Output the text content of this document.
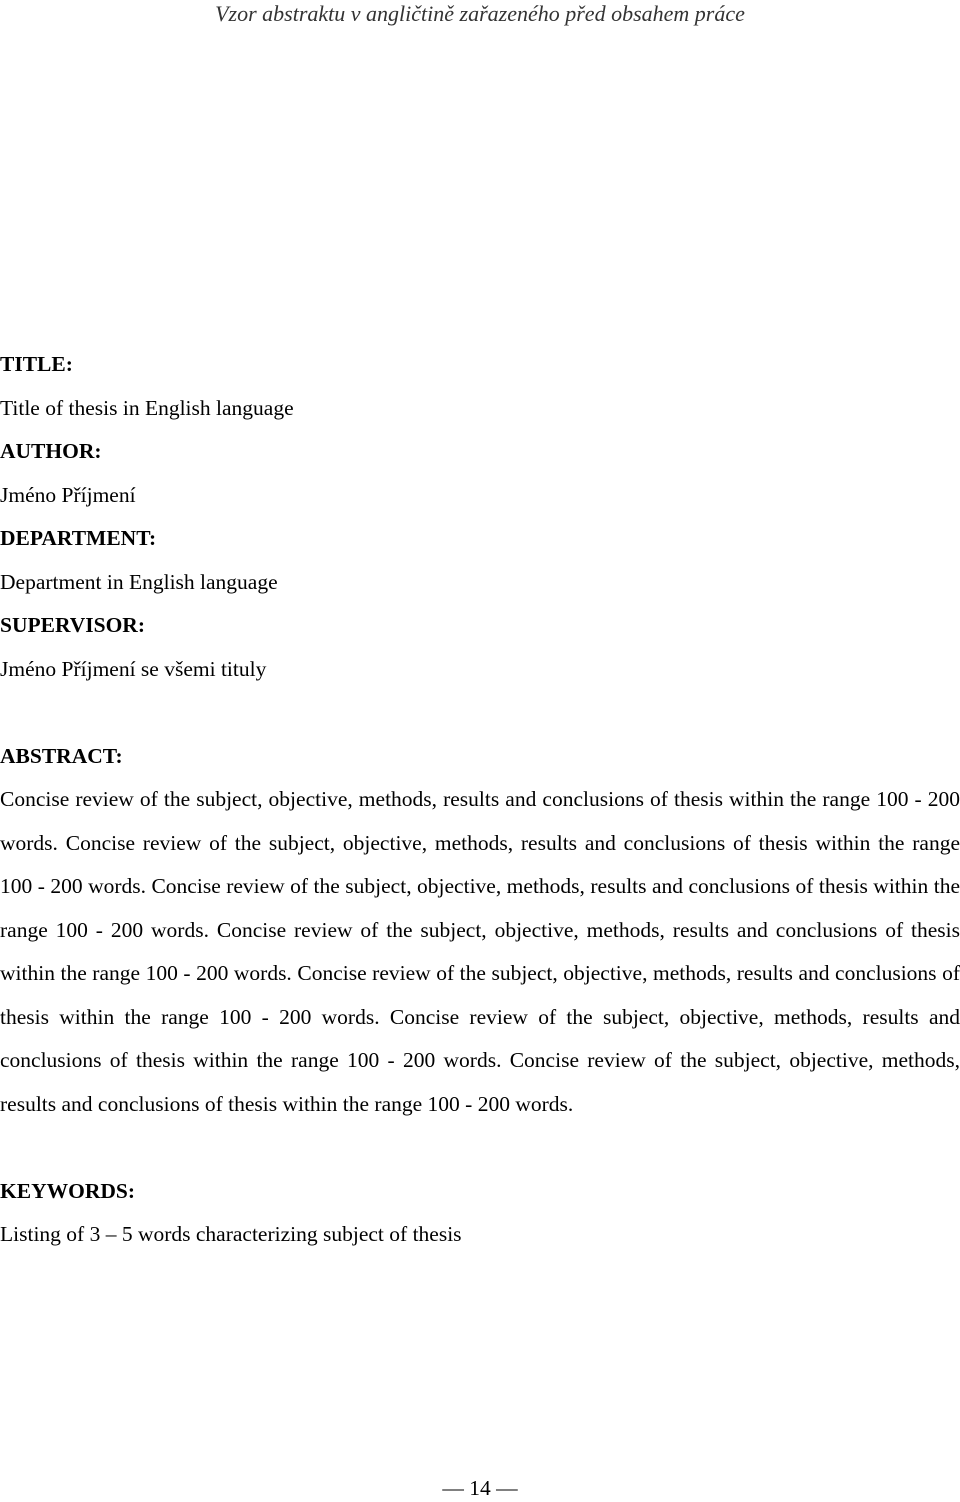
Vzor abstraktu v angličtině zařazeného před obsahem práce
TITLE:
Title of thesis in English language
AUTHOR:
Jméno Příjmení
DEPARTMENT:
Department in English language
SUPERVISOR:
Jméno Příjmení se všemi tituly
ABSTRACT:
Concise review of the subject, objective, methods, results and conclusions of thesis within the range 100 - 200 words. Concise review of the subject, objective, methods, results and conclusions of thesis within the range 100 - 200 words. Concise review of the subject, objective, methods, results and conclusions of thesis within the range 100 - 200 words. Concise review of the subject, objective, methods, results and conclusions of thesis within the range 100 - 200 words. Concise review of the subject, objective, methods, results and conclusions of thesis within the range 100 - 200 words. Concise review of the subject, objective, methods, results and conclusions of thesis within the range 100 - 200 words. Concise review of the subject, objective, methods, results and conclusions of thesis within the range 100 - 200 words.
KEYWORDS:
Listing of 3 – 5 words characterizing subject of thesis
— 14 —
